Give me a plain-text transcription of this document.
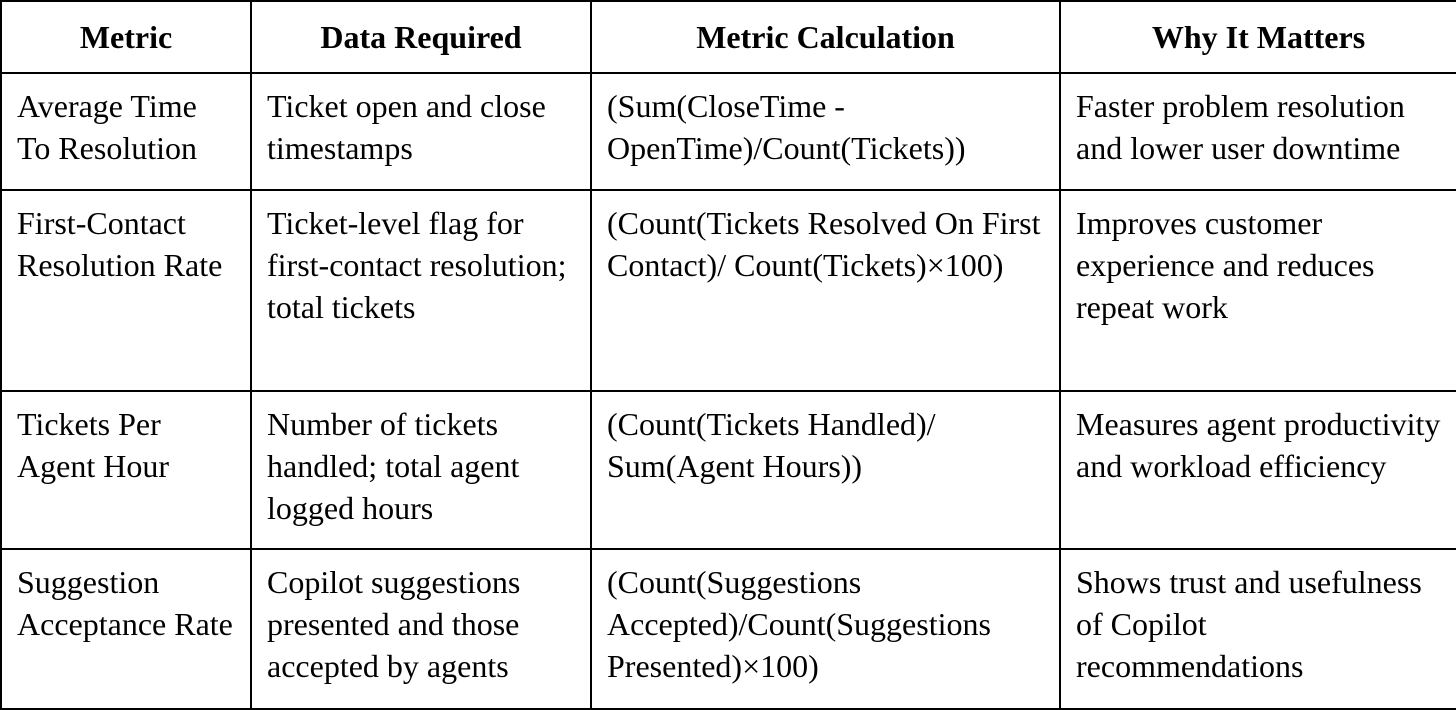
Metric	Data Required	Metric Calculation	Why It Matters
Average Time To Resolution	Ticket open and close timestamps	(Sum(CloseTime - OpenTime)/Count(Tickets))	Faster problem resolution and lower user downtime
First-Contact Resolution Rate	Ticket-level flag for first-contact resolution; total tickets	(Count(Tickets Resolved On First Contact)/ Count(Tickets)×100)	Improves customer experience and reduces repeat work
Tickets Per Agent Hour	Number of tickets handled; total agent logged hours	(Count(Tickets Handled)/ Sum(Agent Hours))	Measures agent productivity and workload efficiency
Suggestion Acceptance Rate	Copilot suggestions presented and those accepted by agents	(Count(Suggestions Accepted)/Count(Suggestions Presented)×100)	Shows trust and usefulness of Copilot recommendations
